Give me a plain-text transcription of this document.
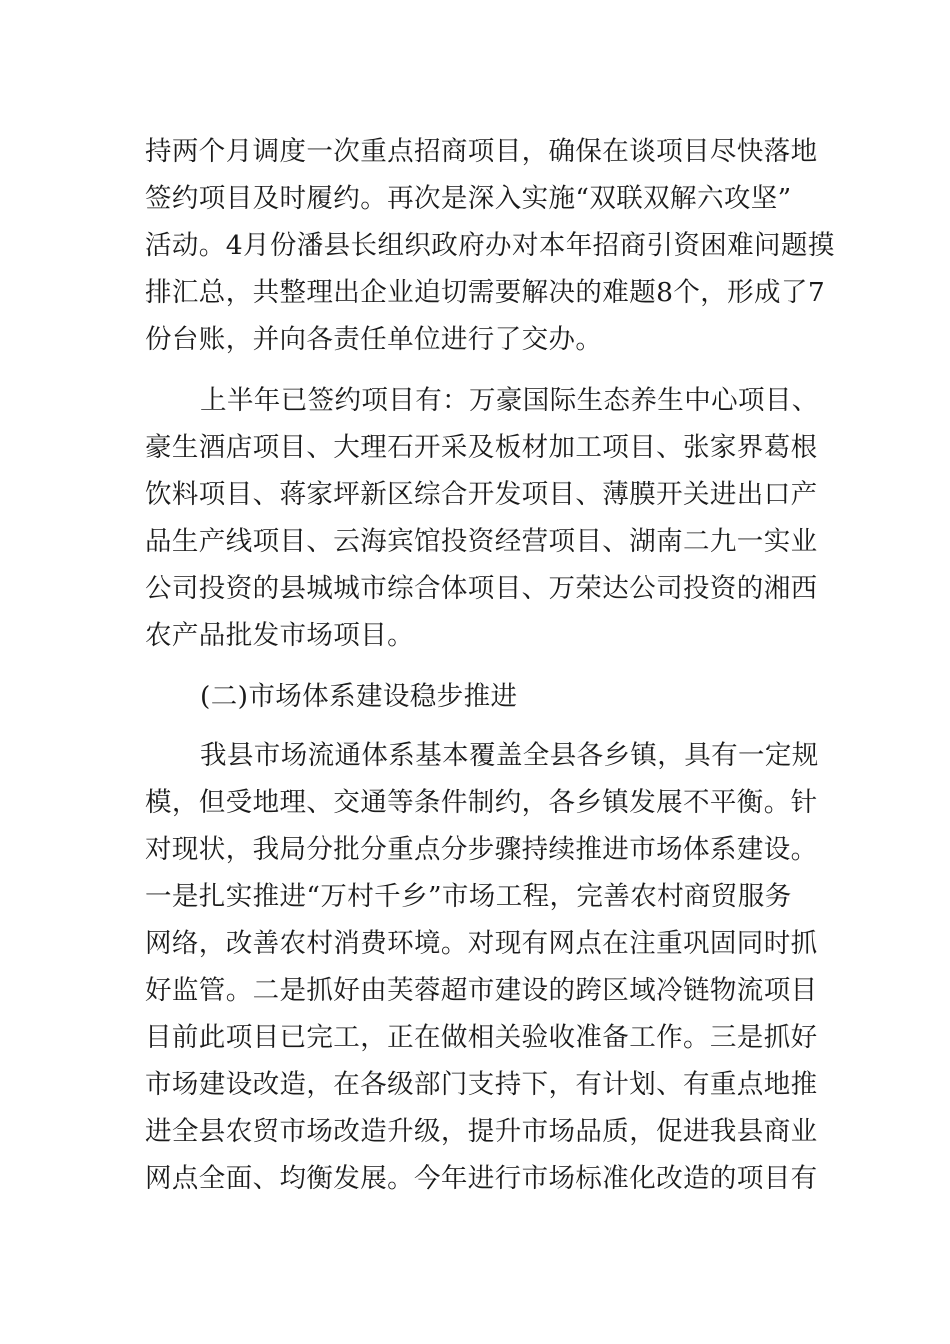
持两个月调度一次重点招商项目，确保在谈项目尽快落地
签约项目及时履约。再次是深入实施“双联双解六攻坚”
活动。4月份潘县长组织政府办对本年招商引资困难问题摸
排汇总，共整理出企业迫切需要解决的难题8个，形成了7
份台账，并向各责任单位进行了交办。
上半年已签约项目有：万豪国际生态养生中心项目、
豪生酒店项目、大理石开采及板材加工项目、张家界葛根
饮料项目、蒋家坪新区综合开发项目、薄膜开关进出口产
品生产线项目、云海宾馆投资经营项目、湖南二九一实业
公司投资的县城城市综合体项目、万荣达公司投资的湘西
农产品批发市场项目。
(二)市场体系建设稳步推进
我县市场流通体系基本覆盖全县各乡镇，具有一定规
模，但受地理、交通等条件制约，各乡镇发展不平衡。针
对现状，我局分批分重点分步骤持续推进市场体系建设。
一是扎实推进“万村千乡”市场工程，完善农村商贸服务
网络，改善农村消费环境。对现有网点在注重巩固同时抓
好监管。二是抓好由芙蓉超市建设的跨区域冷链物流项目
目前此项目已完工，正在做相关验收准备工作。三是抓好
市场建设改造，在各级部门支持下，有计划、有重点地推
进全县农贸市场改造升级，提升市场品质，促进我县商业
网点全面、均衡发展。今年进行市场标准化改造的项目有
